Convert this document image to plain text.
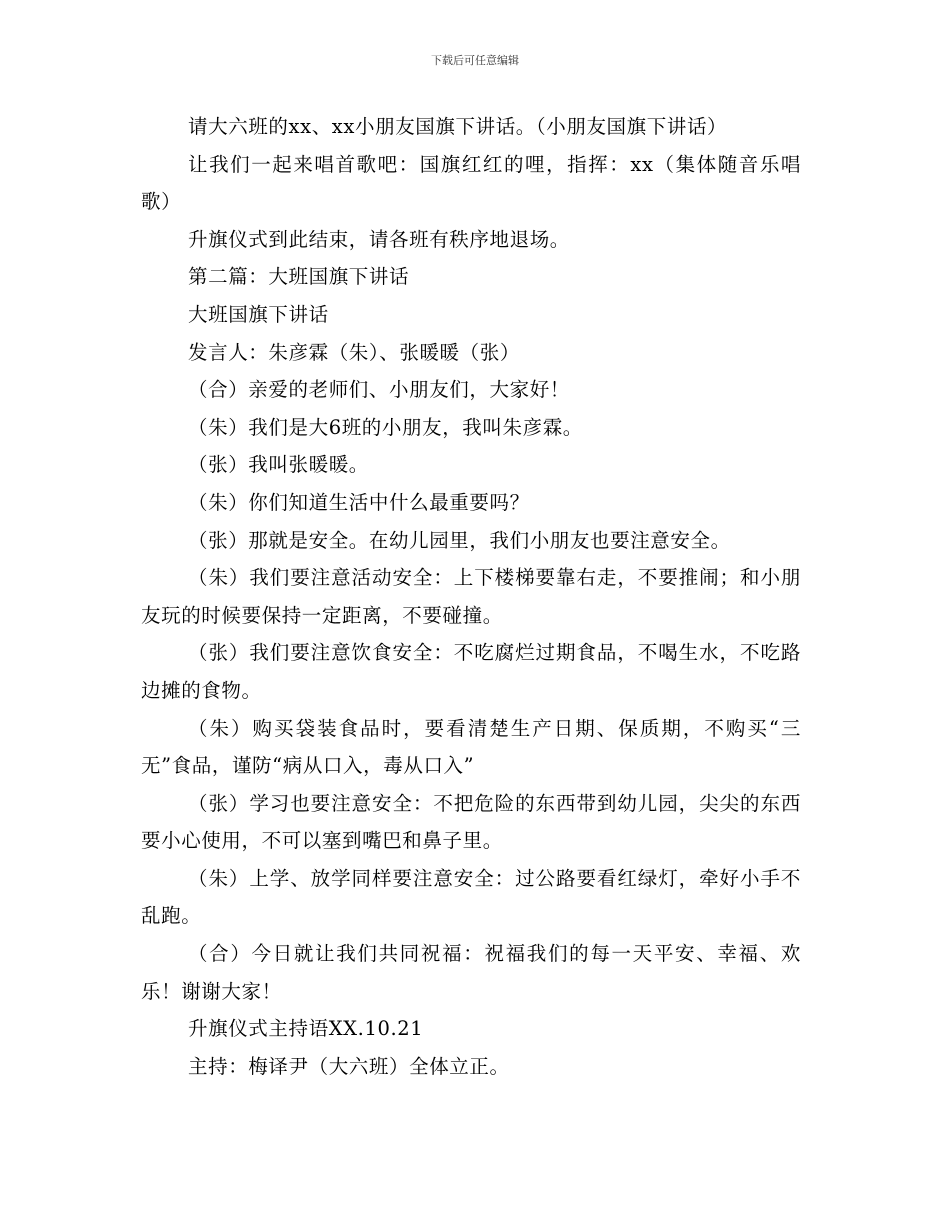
下载后可任意编辑

请大六班的xx、xx小朋友国旗下讲话。（小朋友国旗下讲话）

让我们一起来唱首歌吧：国旗红红的哩，指挥：xx（集体随音乐唱歌）

升旗仪式到此结束，请各班有秩序地退场。

第二篇：大班国旗下讲话

大班国旗下讲话

发言人：朱彦霖（朱）、张暖暖（张）

（合）亲爱的老师们、小朋友们，大家好！

（朱）我们是大6班的小朋友，我叫朱彦霖。

（张）我叫张暖暖。

（朱）你们知道生活中什么最重要吗？

（张）那就是安全。在幼儿园里，我们小朋友也要注意安全。

（朱）我们要注意活动安全：上下楼梯要靠右走，不要推闹；和小朋友玩的时候要保持一定距离，不要碰撞。

（张）我们要注意饮食安全：不吃腐烂过期食品，不喝生水，不吃路边摊的食物。

（朱）购买袋装食品时，要看清楚生产日期、保质期，不购买“三无”食品，谨防“病从口入，毒从口入”

（张）学习也要注意安全：不把危险的东西带到幼儿园，尖尖的东西要小心使用，不可以塞到嘴巴和鼻子里。

（朱）上学、放学同样要注意安全：过公路要看红绿灯，牵好小手不乱跑。

（合）今日就让我们共同祝福：祝福我们的每一天平安、幸福、欢乐！谢谢大家！

升旗仪式主持语XX.10.21

主持：梅译尹（大六班）全体立正。
